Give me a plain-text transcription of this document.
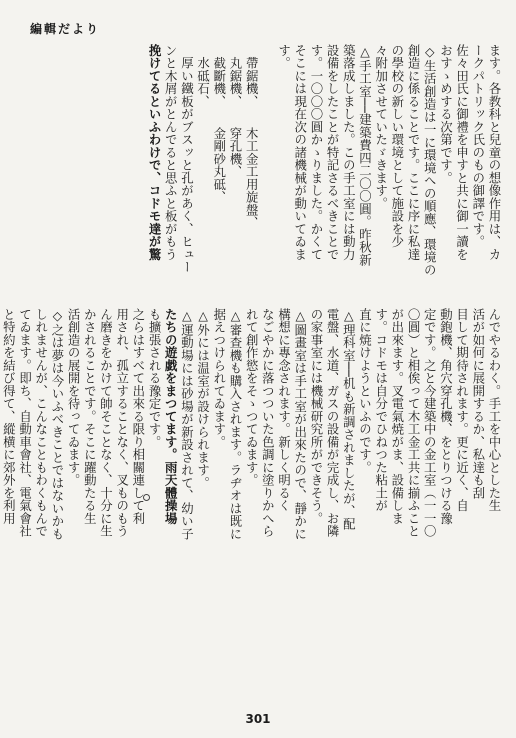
編輯だより
ます。各教科と兒童の想像作用は、カ
ークパトリック氏のもの御譯です。
佐々田氏に御禮を申すと共に御一讀を
おすゝめする次第です。
◇生活創造は一に環境への順應、環境の
創造に係ることです。ここに序に私達
の學校の新しい環境として施設を少
々附加させていたゞきます。
△手工室──建築費四二〇〇圓。昨秋新
築落成しました。この手工室には動力
設備をしたことが特記さるべきことで
す。一〇〇〇圓かゝりました。かくて
そこには現在次の諸機械が動いてゐま
す。
　帶鋸機、　　木工金工用旋盤、
　丸鋸機、　　穿孔機、
　截斷機、　　金剛砂丸砥、
　水砥石、
　厚い鐵板がブスッと孔があく、ヒュー
ンと木屑がとんでると思ふと板がもう
挽けてるといふわけで、コドモ達が驚
んでやるわく。手工を中心とした生
活が如何に展開するか、私達も刮
目して期待されます。更に近く、自
動鉋機、角穴穿孔機、をとりつける豫
定です。之と今建築中の金工室（一一〇
〇圓）と相俟って木工金工共に揃ふこと
が出來ます。叉電氣焼がま、設備しま
す。コドモは自分でひねつた粘土が
直に焼けようといふのです。
△理科室──机も新調されましたが、配
電盤、水道、ガスの設備が完成し、お隣
の家事室には機械研究所ができそう。
△圖畫室は手工室が出來たので、靜かに
構想に專念されます。新しく明るく
なごやかに落つついた色調に塗りかへら
れて創作慾をそゝつてゐます。
△審查機も購入されます。ラヂオは既に
据えつけられてゐます。
△外には温室が設けられます。
△運動場には砂場が新設されて、幼い子
たちの遊戯をまつてます。雨天體操場
も擴張される豫定です。
之らはすべて出來る限り相關連して利
用され、孤立することなく、叉ものもう
ん磨きをかけて帥そことなく、十分に生
かされることです。そこに躍動たる生
活創造の展開を待ってゐます。
◇之は夢は今いふべきことではないかも
しれませんが、こんなこともわくもんで
てゐます。即ち、自動車會社、電氣會社
と特約を結び得て、縱横に郊外を利用
301
